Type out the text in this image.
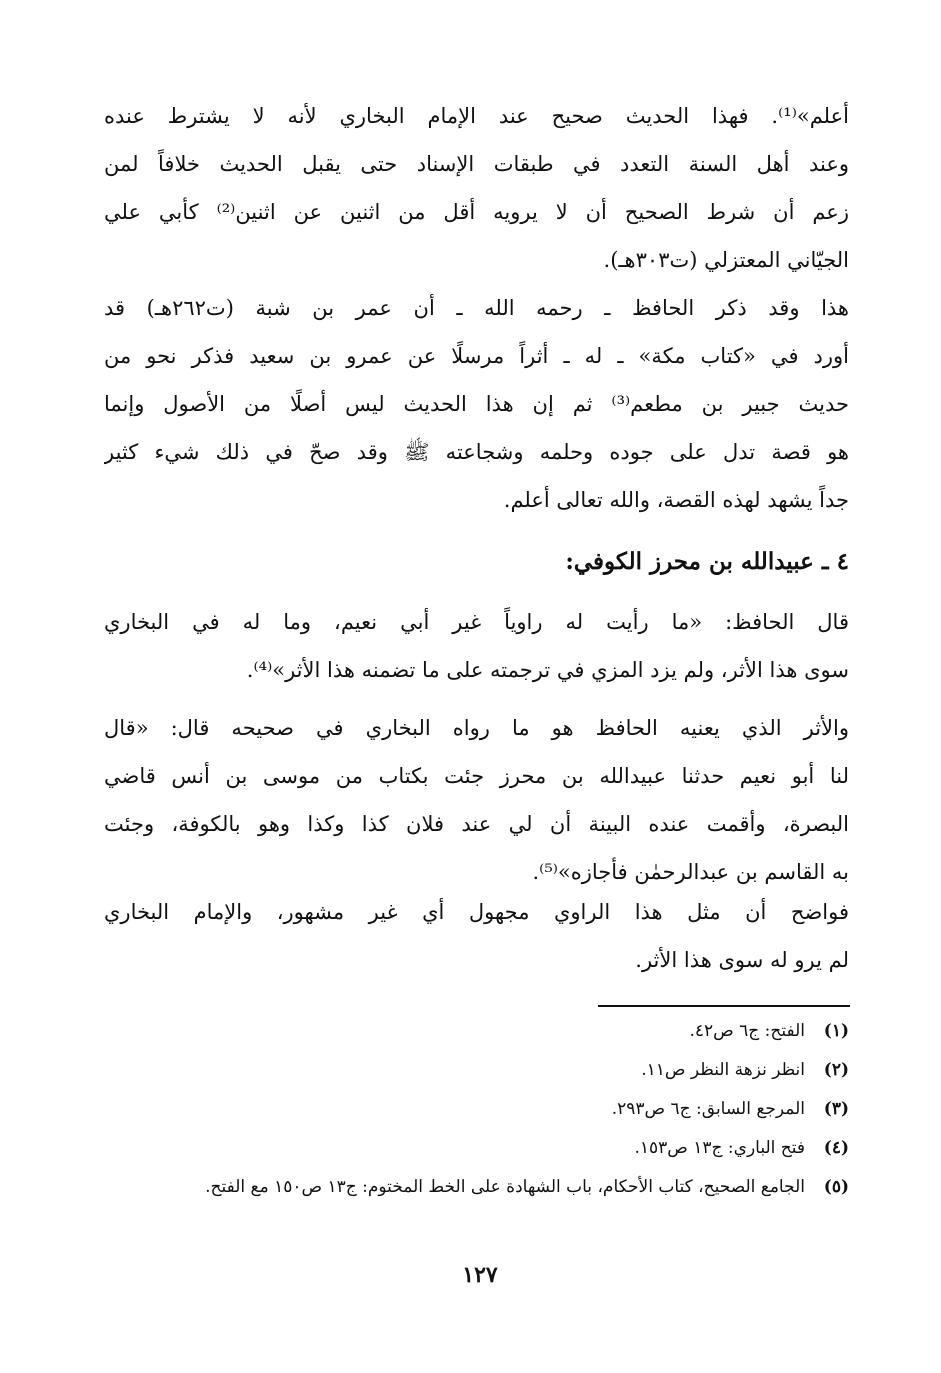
أعلم»⁽¹⁾. فهذا الحديث صحيح عند الإمام البخاري لأنه لا يشترط عنده
وعند أهل السنة التعدد في طبقات الإسناد حتى يقبل الحديث خلافاً لمن
زعم أن شرط الصحيح أن لا يرويه أقل من اثنين عن اثنين⁽²⁾ كأبي علي
الجيّاني المعتزلي (ت٣٠٣هـ).
هذا وقد ذكر الحافظ ـ رحمه الله ـ أن عمر بن شبة (ت٢٦٢هـ) قد
أورد في «كتاب مكة» ـ له ـ أثراً مرسلًا عن عمرو بن سعيد فذكر نحو من
حديث جبير بن مطعم⁽³⁾ ثم إن هذا الحديث ليس أصلًا من الأصول وإنما
هو قصة تدل على جوده وحلمه وشجاعته ﷺ وقد صحّ في ذلك شيء كثير
جداً يشهد لهذه القصة، والله تعالى أعلم.
٤ ـ عبيدالله بن محرز الكوفي:
قال الحافظ: «ما رأيت له راوياً غير أبي نعيم، وما له في البخاري
سوى هذا الأثر، ولم يزد المزي في ترجمته على ما تضمنه هذا الأثر»⁽⁴⁾.
والأثر الذي يعنيه الحافظ هو ما رواه البخاري في صحيحه قال: «قال
لنا أبو نعيم حدثنا عبيدالله بن محرز جئت بكتاب من موسى بن أنس قاضي
البصرة، وأقمت عنده البينة أن لي عند فلان كذا وكذا وهو بالكوفة، وجئت
به القاسم بن عبدالرحمٰن فأجازه»⁽⁵⁾.
فواضح أن مثل هذا الراوي مجهول أي غير مشهور، والإمام البخاري
لم يرو له سوى هذا الأثر.
(١)
الفتح: ج٦ ص٤٢.
(٢)
انظر نزهة النظر ص١١.
(٣)
المرجع السابق: ج٦ ص٢٩٣.
(٤)
فتح الباري: ج١٣ ص١٥٣.
(٥)
الجامع الصحيح، كتاب الأحكام، باب الشهادة على الخط المختوم: ج١٣ ص١٥٠ مع الفتح.
١٢٧
